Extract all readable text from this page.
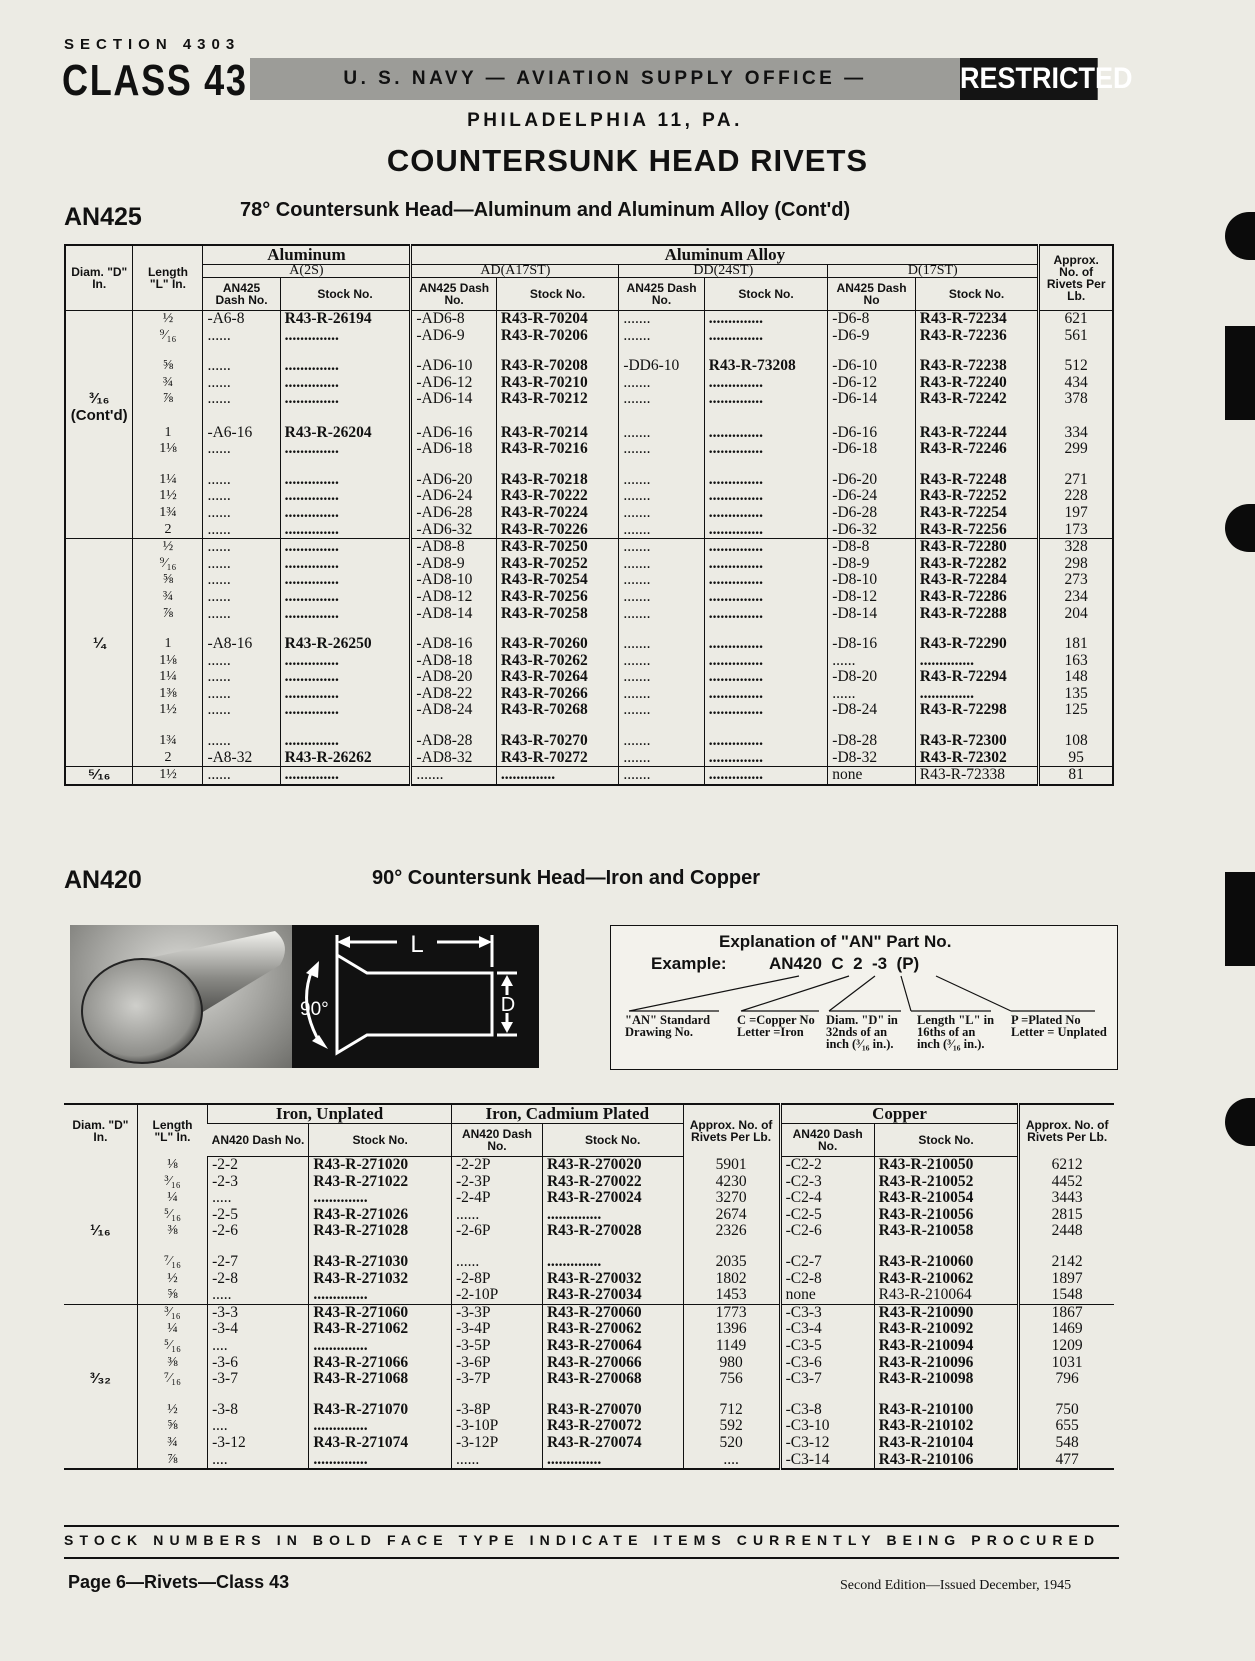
SECTION 4303
CLASS 43	U. S. NAVY — AVIATION SUPPLY OFFICE — PHILADELPHIA 11, PA.
RESTRICTED
COUNTERSUNK HEAD RIVETS
AN425	78° Countersunk Head—Aluminum and Aluminum Alloy (Cont'd)
Diam. "D" In.	Length "L" In.	Aluminum		Aluminum Alloy						Approx. No. of Rivets Per Lb.
		A(2S)		AD(A17ST)		DD(24ST)		D(17ST)		
		AN425 Dash No.	Stock No.	AN425 Dash No.	Stock No.	AN425 Dash No.	Stock No.	AN425 Dash No	Stock No.	
	½	-A6-8	R43-R-26194	-AD6-8	R43-R-70204	.......	..............	-D6-8	R43-R-72234	621
	⁹⁄₁₆	......	..............	-AD6-9	R43-R-70206	.......	..............	-D6-9	R43-R-72236	561

	⅝	......	..............	-AD6-10	R43-R-70208	-DD6-10	R43-R-73208	-D6-10	R43-R-72238	512
	¾	......	..............	-AD6-12	R43-R-70210	.......	..............	-D6-12	R43-R-72240	434
³⁄₁₆ (Cont'd)	⅞	......	..............	-AD6-14	R43-R-70212	.......	..............	-D6-14	R43-R-72242	378
	1	-A6-16	R43-R-26204	-AD6-16	R43-R-70214	.......	..............	-D6-16	R43-R-72244	334
	1⅛	......	..............	-AD6-18	R43-R-70216	.......	..............	-D6-18	R43-R-72246	299

	1¼	......	..............	-AD6-20	R43-R-70218	.......	..............	-D6-20	R43-R-72248	271
	1½	......	..............	-AD6-24	R43-R-70222	.......	..............	-D6-24	R43-R-72252	228
	1¾	......	..............	-AD6-28	R43-R-70224	.......	..............	-D6-28	R43-R-72254	197
	2	......	..............	-AD6-32	R43-R-70226	.......	..............	-D6-32	R43-R-72256	173
	½	......	..............	-AD8-8	R43-R-70250	.......	..............	-D8-8	R43-R-72280	328
	⁹⁄₁₆	......	..............	-AD8-9	R43-R-70252	.......	..............	-D8-9	R43-R-72282	298
	⅝	......	..............	-AD8-10	R43-R-70254	.......	..............	-D8-10	R43-R-72284	273
	¾	......	..............	-AD8-12	R43-R-70256	.......	..............	-D8-12	R43-R-72286	234
	⅞	......	..............	-AD8-14	R43-R-70258	.......	..............	-D8-14	R43-R-72288	204

¼	1	-A8-16	R43-R-26250	-AD8-16	R43-R-70260	.......	..............	-D8-16	R43-R-72290	181
	1⅛	......	..............	-AD8-18	R43-R-70262	.......	..............	......	..............	163
	1¼	......	..............	-AD8-20	R43-R-70264	.......	..............	-D8-20	R43-R-72294	148
	1⅜	......	..............	-AD8-22	R43-R-70266	.......	..............	......	..............	135
	1½	......	..............	-AD8-24	R43-R-70268	.......	..............	-D8-24	R43-R-72298	125

	1¾	......	..............	-AD8-28	R43-R-70270	.......	..............	-D8-28	R43-R-72300	108
	2	-A8-32	R43-R-26262	-AD8-32	R43-R-70272	.......	..............	-D8-32	R43-R-72302	95
⁵⁄₁₆	1½	......	..............	.......	..............	.......	..............	none	R43-R-72338	81
AN420	90° Countersunk Head—Iron and Copper
L
D
90°
Explanation of "AN" Part No.
Example: AN420  C  2  -3  (P)
"AN" Standard Drawing No.
C =Copper No Letter =Iron
Diam. "D" in 32nds of an inch (³⁄₁₆ in.).
Length "L" in 16ths of an inch (³⁄₁₆ in.).
P =Plated No Letter = Unplated
Diam. "D" In.	Length "L" In.	Iron, Unplated		Iron, Cadmium Plated		Approx. No. of Rivets Per Lb.	Copper		Approx. No. of Rivets Per Lb.
		AN420 Dash No.	Stock No.	AN420 Dash No.	Stock No.		AN420 Dash No.	Stock No.	
	⅛	-2-2	R43-R-271020	-2-2P	R43-R-270020	5901	-C2-2	R43-R-210050	6212
	³⁄₁₆	-2-3	R43-R-271022	-2-3P	R43-R-270022	4230	-C2-3	R43-R-210052	4452
	¼	.....	..............	-2-4P	R43-R-270024	3270	-C2-4	R43-R-210054	3443
	⁵⁄₁₆	-2-5	R43-R-271026	......	..............	2674	-C2-5	R43-R-210056	2815
¹⁄₁₆	⅜	-2-6	R43-R-271028	-2-6P	R43-R-270028	2326	-C2-6	R43-R-210058	2448

	⁷⁄₁₆	-2-7	R43-R-271030	......	..............	2035	-C2-7	R43-R-210060	2142
	½	-2-8	R43-R-271032	-2-8P	R43-R-270032	1802	-C2-8	R43-R-210062	1897
	⅝	.....	..............	-2-10P	R43-R-270034	1453	none	R43-R-210064	1548
	³⁄₁₆	-3-3	R43-R-271060	-3-3P	R43-R-270060	1773	-C3-3	R43-R-210090	1867
	¼	-3-4	R43-R-271062	-3-4P	R43-R-270062	1396	-C3-4	R43-R-210092	1469
	⁵⁄₁₆	....	..............	-3-5P	R43-R-270064	1149	-C3-5	R43-R-210094	1209
	⅜	-3-6	R43-R-271066	-3-6P	R43-R-270066	980	-C3-6	R43-R-210096	1031
³⁄₃₂	⁷⁄₁₆	-3-7	R43-R-271068	-3-7P	R43-R-270068	756	-C3-7	R43-R-210098	796

	½	-3-8	R43-R-271070	-3-8P	R43-R-270070	712	-C3-8	R43-R-210100	750
	⅝	....	..............	-3-10P	R43-R-270072	592	-C3-10	R43-R-210102	655
	¾	-3-12	R43-R-271074	-3-12P	R43-R-270074	520	-C3-12	R43-R-210104	548
	⅞	....	..............	......	..............	....	-C3-14	R43-R-210106	477
STOCK NUMBERS IN BOLD FACE TYPE INDICATE ITEMS CURRENTLY BEING PROCURED
Page 6—Rivets—Class 43	Second Edition—Issued December, 1945
